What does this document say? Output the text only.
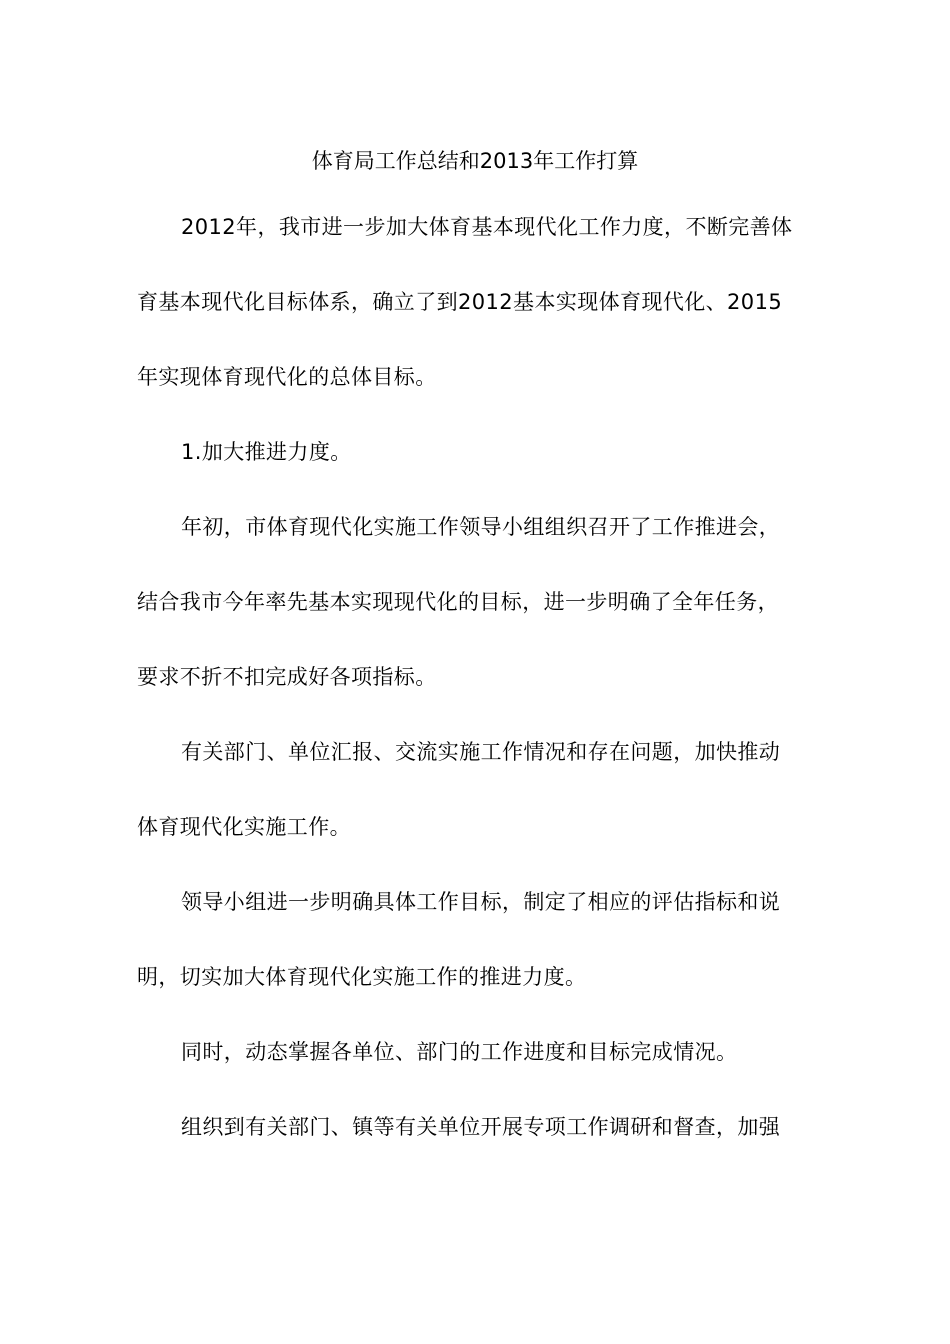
体育局工作总结和2013年工作打算
2012年，我市进一步加大体育基本现代化工作力度，不断完善体
育基本现代化目标体系，确立了到2012基本实现体育现代化、2015
年实现体育现代化的总体目标。
1.加大推进力度。
年初，市体育现代化实施工作领导小组组织召开了工作推进会，
结合我市今年率先基本实现现代化的目标，进一步明确了全年任务，
要求不折不扣完成好各项指标。
有关部门、单位汇报、交流实施工作情况和存在问题，加快推动
体育现代化实施工作。
领导小组进一步明确具体工作目标，制定了相应的评估指标和说
明，切实加大体育现代化实施工作的推进力度。
同时，动态掌握各单位、部门的工作进度和目标完成情况。
组织到有关部门、镇等有关单位开展专项工作调研和督查，加强
